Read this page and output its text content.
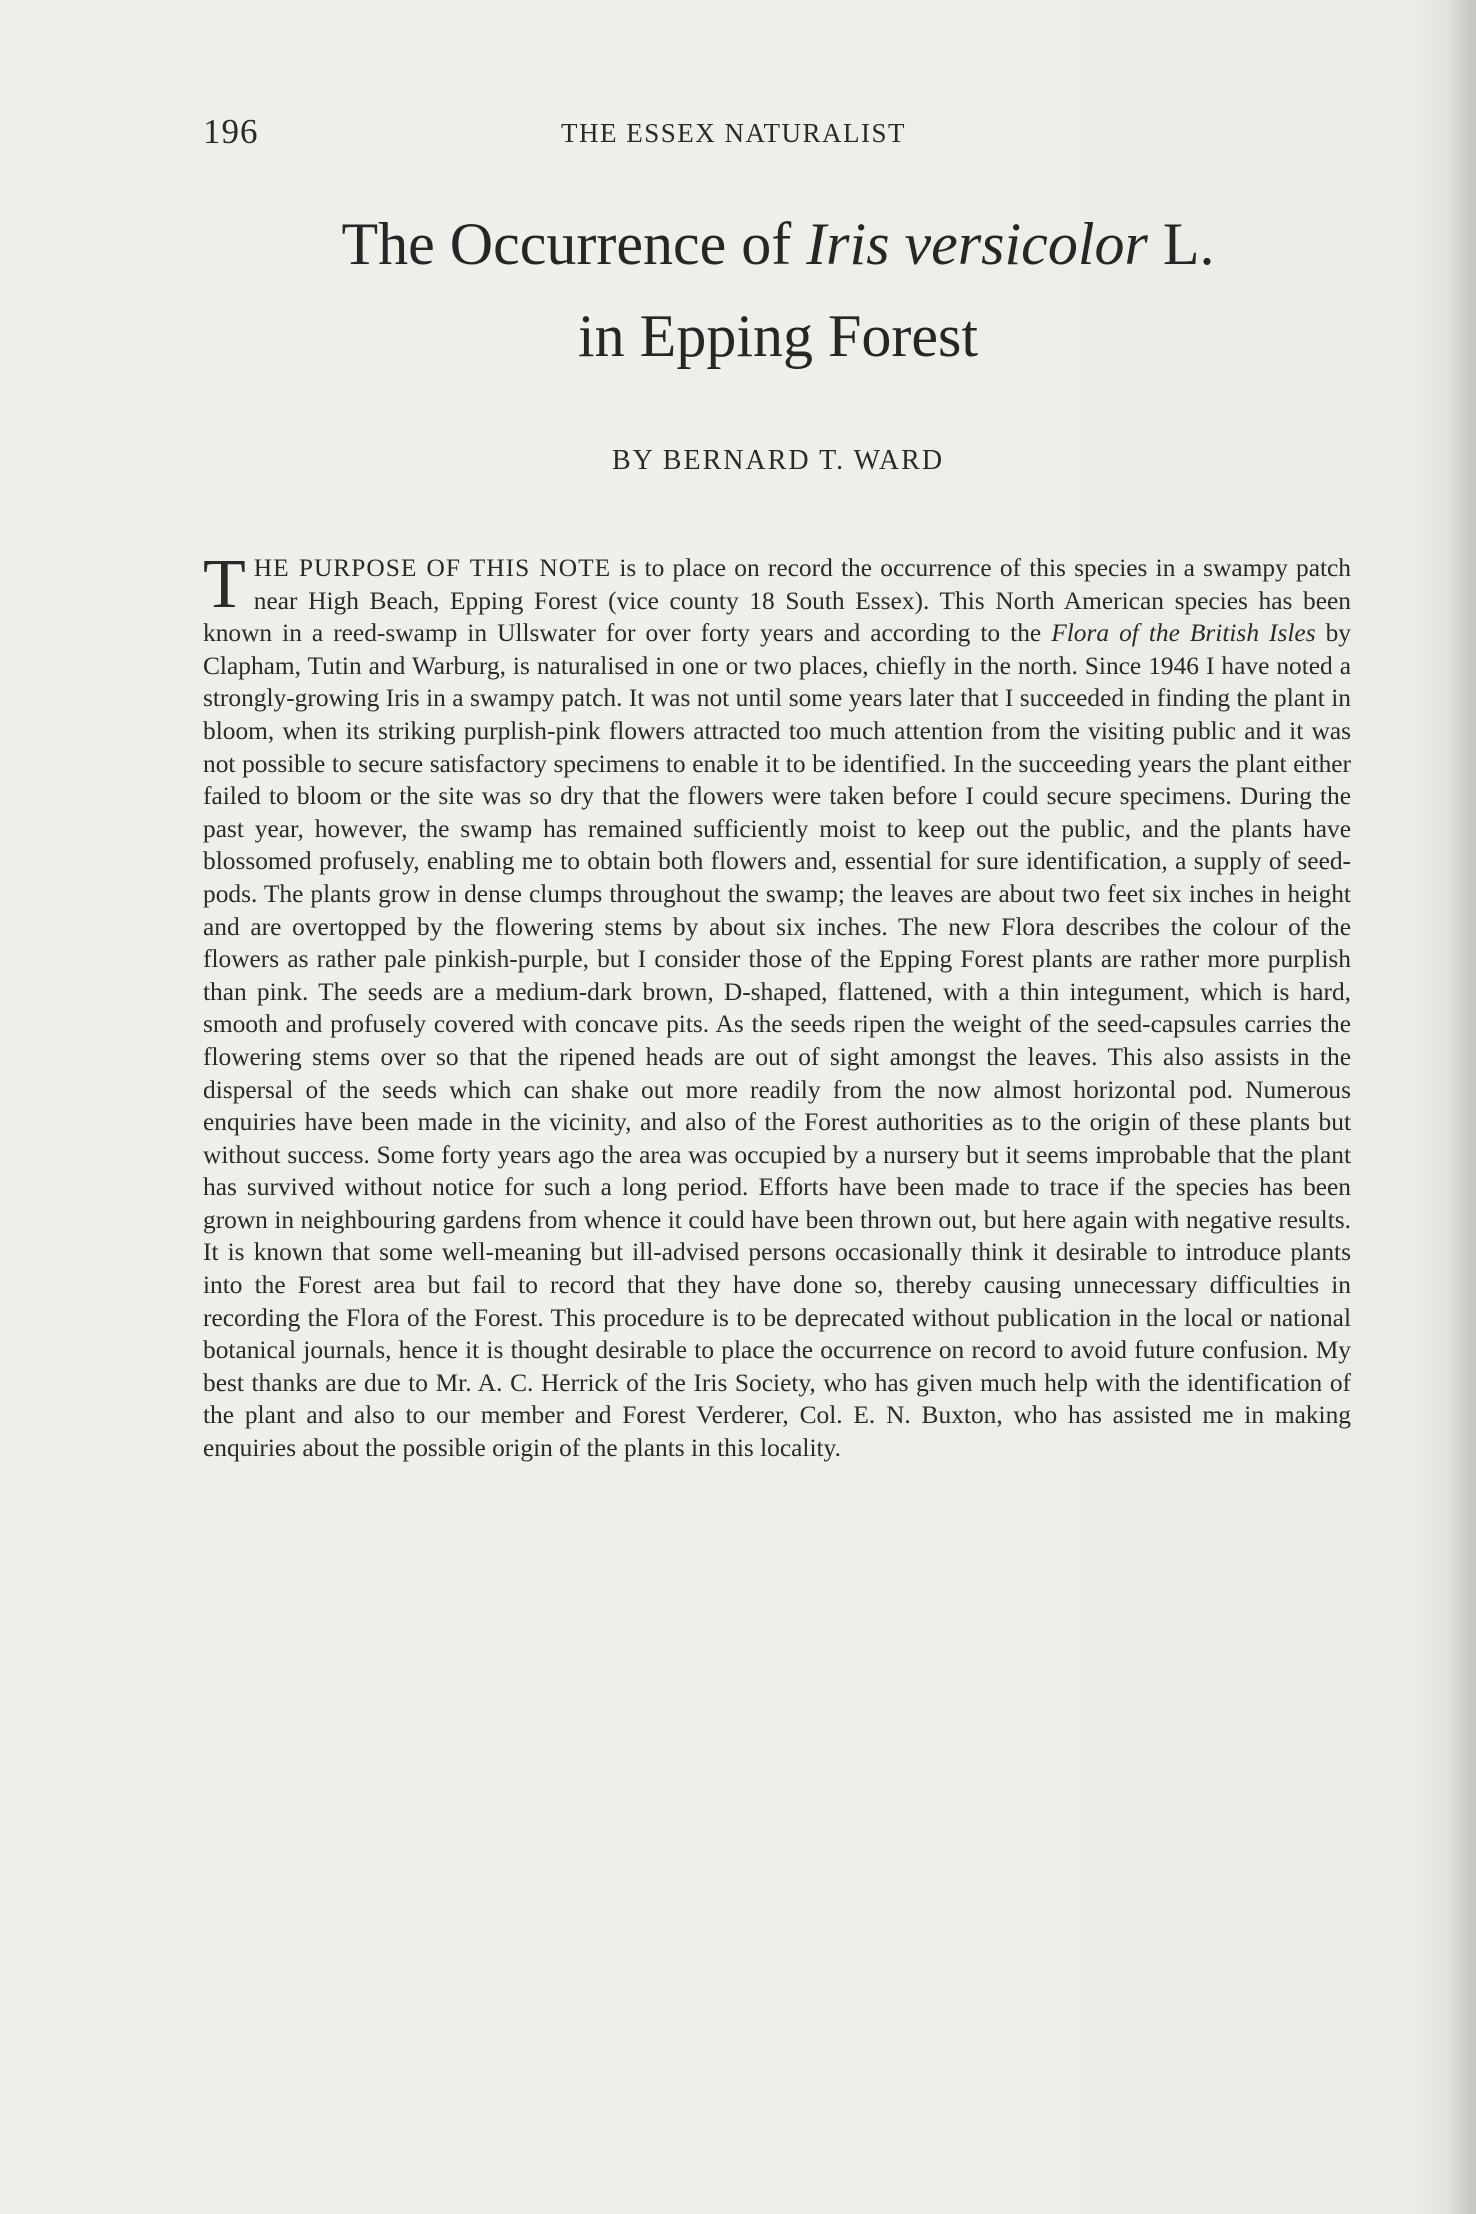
196	THE ESSEX NATURALIST
The Occurrence of Iris versicolor L.
in Epping Forest
BY BERNARD T. WARD

THE PURPOSE OF THIS NOTE is to place on record the occurrence of this species in a swampy patch near High Beach, Epping Forest (vice county 18 South Essex). This North American species has been known in a reed-swamp in Ullswater for over forty years and according to the Flora of the British Isles by Clapham, Tutin and Warburg, is naturalised in one or two places, chiefly in the north. Since 1946 I have noted a strongly-growing Iris in a swampy patch. It was not until some years later that I succeeded in finding the plant in bloom, when its striking purplish-pink flowers attracted too much attention from the visiting public and it was not possible to secure satisfactory specimens to enable it to be identified. In the succeeding years the plant either failed to bloom or the site was so dry that the flowers were taken before I could secure specimens. During the past year, however, the swamp has remained sufficiently moist to keep out the public, and the plants have blossomed profusely, enabling me to obtain both flowers and, essential for sure identification, a supply of seed-pods. The plants grow in dense clumps throughout the swamp; the leaves are about two feet six inches in height and are overtopped by the flowering stems by about six inches. The new Flora describes the colour of the flowers as rather pale pinkish-purple, but I consider those of the Epping Forest plants are rather more purplish than pink. The seeds are a medium-dark brown, D-shaped, flattened, with a thin integument, which is hard, smooth and profusely covered with concave pits. As the seeds ripen the weight of the seed-capsules carries the flowering stems over so that the ripened heads are out of sight amongst the leaves. This also assists in the dispersal of the seeds which can shake out more readily from the now almost horizontal pod. Numerous enquiries have been made in the vicinity, and also of the Forest authorities as to the origin of these plants but without success. Some forty years ago the area was occupied by a nursery but it seems improbable that the plant has survived without notice for such a long period. Efforts have been made to trace if the species has been grown in neighbouring gardens from whence it could have been thrown out, but here again with negative results. It is known that some well-meaning but ill-advised persons occasionally think it desirable to introduce plants into the Forest area but fail to record that they have done so, thereby causing unnecessary difficulties in recording the Flora of the Forest. This procedure is to be deprecated without publication in the local or national botanical journals, hence it is thought desirable to place the occurrence on record to avoid future confusion. My best thanks are due to Mr. A. C. Herrick of the Iris Society, who has given much help with the identification of the plant and also to our member and Forest Verderer, Col. E. N. Buxton, who has assisted me in making enquiries about the possible origin of the plants in this locality.
